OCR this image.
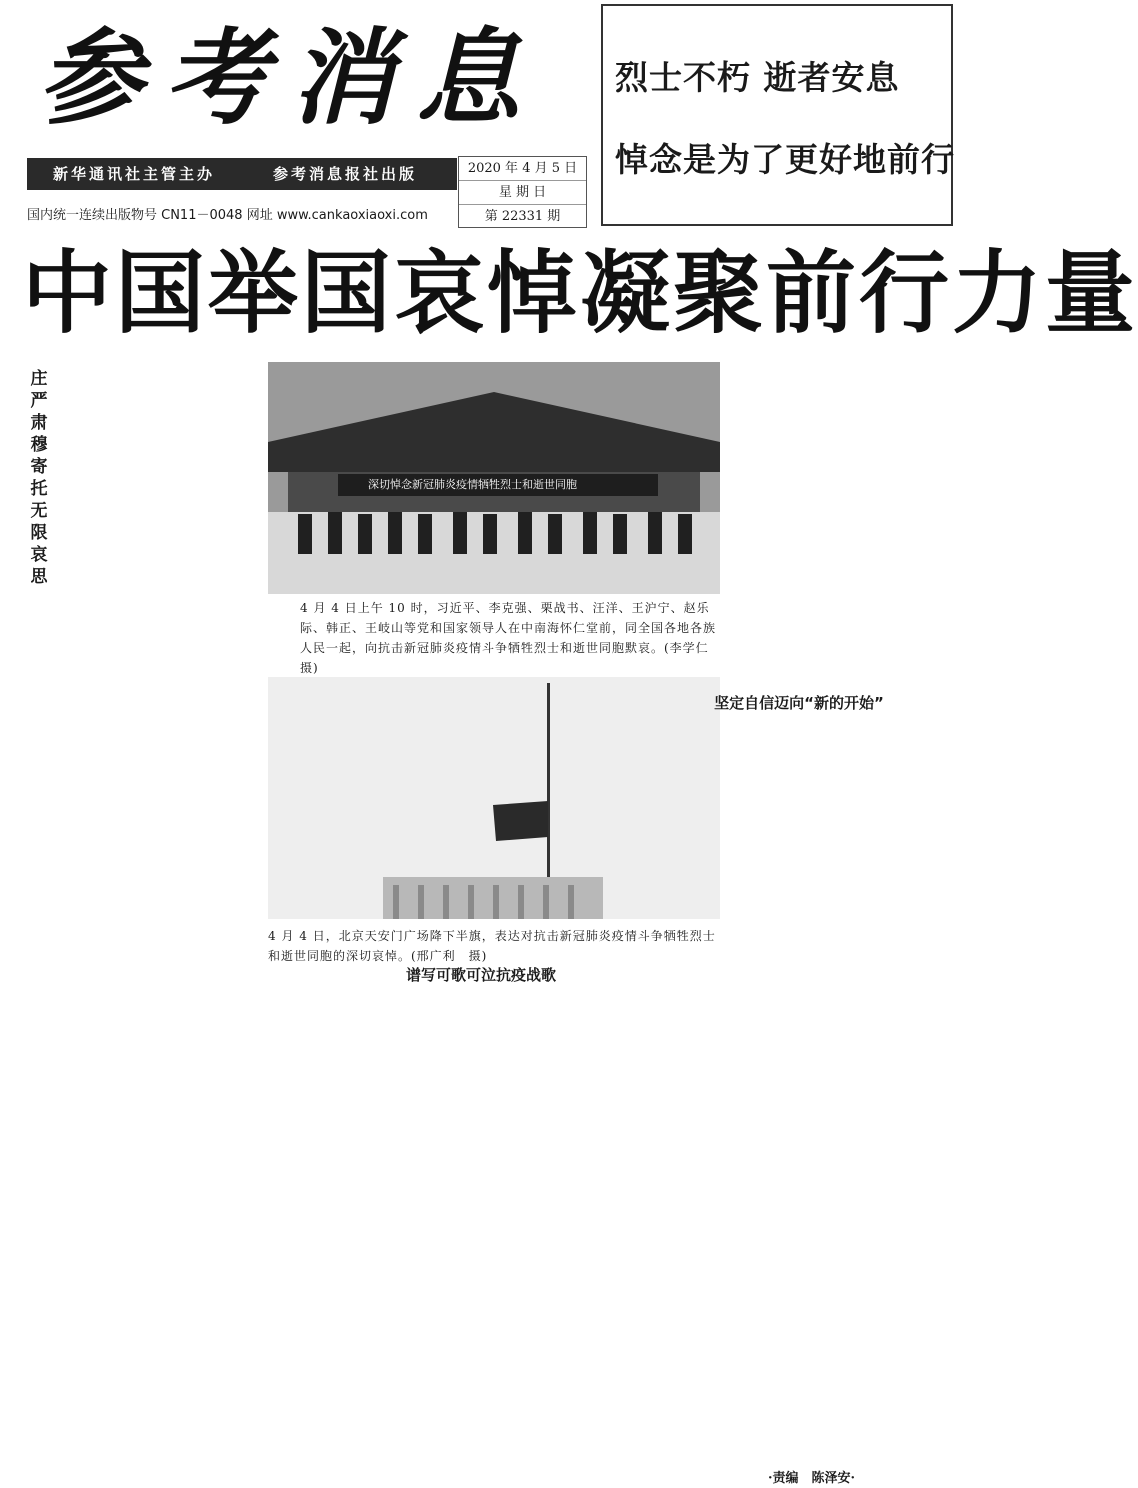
参考消息
新华通讯社主管主办	参考消息报社出版
国内统一连续出版物号 CN11－0048 网址 www.cankaoxiaoxi.com
2020 年 4 月 5 日
星 期 日
第 22331 期
烈士不朽 逝者安息
悼念是为了更好地前行
中国举国哀悼凝聚前行力量
庄严肃穆寄托无限哀思

深切悼念新冠肺炎疫情牺牲烈士和逝世同胞
4 月 4 日上午 10 时，习近平、李克强、栗战书、汪洋、王沪宁、赵乐际、韩正、王岐山等党和国家领导人在中南海怀仁堂前，同全国各地各族人民一起，向抗击新冠肺炎疫情斗争牺牲烈士和逝世同胞默哀。(李学仁　摄)
4 月 4 日，北京天安门广场降下半旗，表达对抗击新冠肺炎疫情斗争牺牲烈士和逝世同胞的深切哀悼。(邢广利　摄)

谱写可歌可泣抗疫战歌

坚定自信迈向“新的开始”

·责编　陈泽安·
